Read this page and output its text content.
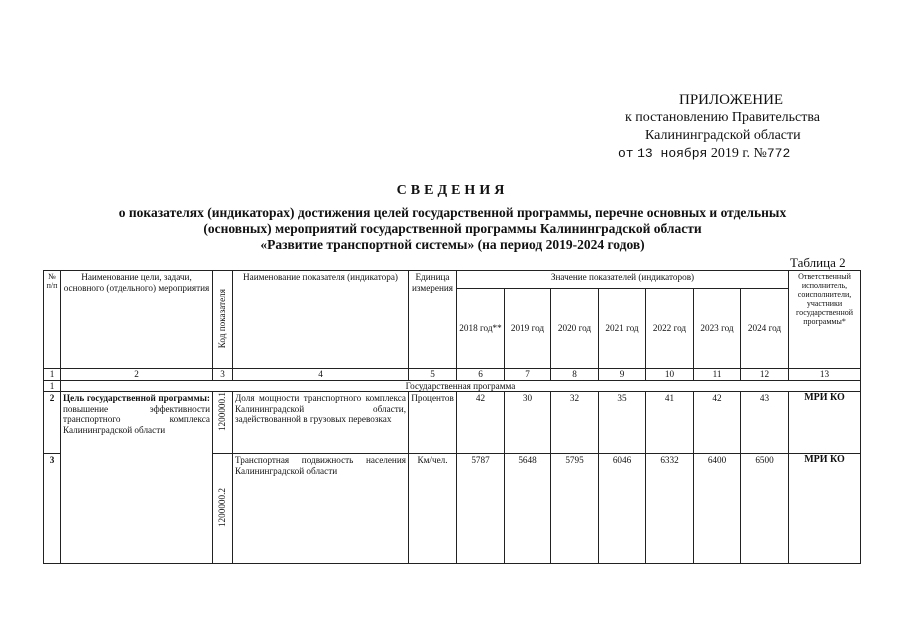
ПРИЛОЖЕНИЕ
к постановлению Правительства
Калининградской области
от 13 ноября 2019 г. №772
СВЕДЕНИЯ
о показателях (индикаторах) достижения целей государственной программы, перечне основных и отдельных
(основных) мероприятий государственной программы Калининградской области
«Развитие транспортной системы» (на период 2019-2024 годов)
Таблица 2
№ п/п	Наименование цели, задачи, основного (отдельного) мероприятия	Код показателя	Наименование показателя (индикатора)	Единица измерения	Значение показателей (индикаторов)							Ответственный исполнитель, соисполнители, участники государственной программы*
					2018 год**	2019 год	2020 год	2021 год	2022 год	2023 год	2024 год	
1	2	3	4	5	6	7	8	9	10	11	12	13
1	Государственная программа											
2	Цель государственной программы: повышение эффективности транспортного комплекса Калининградской области	1200000.1	Доля мощности транспортного комплекса Калининградской области, задействованной в грузовых перевозках	Процентов	42	30	32	35	41	42	43	МРИ КО
3		1200000.2	Транспортная подвижность населения Калининградской области	Км/чел.	5787	5648	5795	6046	6332	6400	6500	МРИ КО
